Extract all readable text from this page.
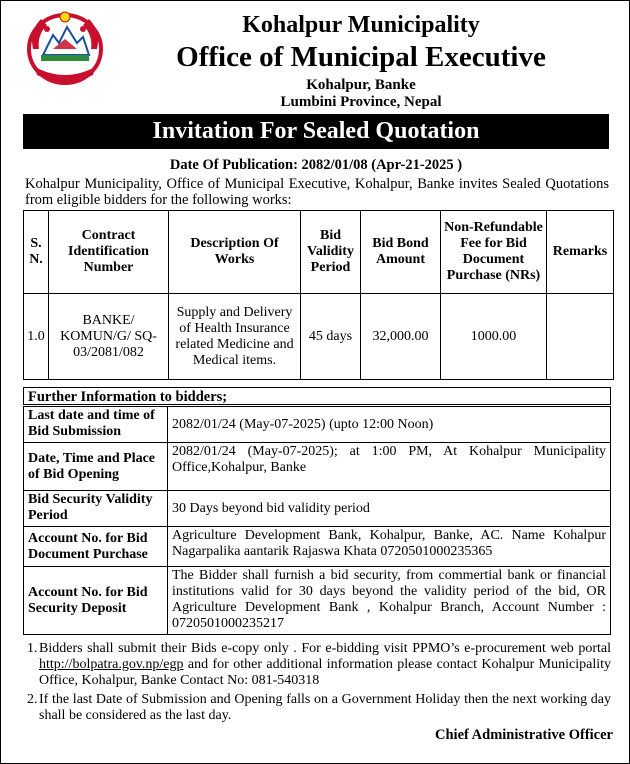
Kohalpur Municipality
Office of Municipal Executive
Kohalpur, Banke
Lumbini Province, Nepal
Invitation For Sealed Quotation
Date Of Publication: 2082/01/08 (Apr-21-2025 )
Kohalpur Municipality, Office of Municipal Executive, Kohalpur, Banke invites Sealed Quotations from eligible bidders for the following works:
S. N.	Contract Identification Number	Description Of Works	Bid Validity Period	Bid Bond Amount	Non-Refundable Fee for Bid Document Purchase (NRs)	Remarks
1.0	BANKE/ KOMUN/G/ SQ- 03/2081/082	Supply and Delivery of Health Insurance related Medicine and Medical items.	45 days	32,000.00	1000.00	
Further Information to bidders;
Last date and time of Bid Submission	2082/01/24 (May-07-2025) (upto 12:00 Noon)
Date, Time and Place of Bid Opening	2082/01/24 (May-07-2025); at 1:00 PM, At Kohalpur Municipality Office,Kohalpur, Banke
Bid Security Validity Period	30 Days beyond bid validity period
Account No. for Bid Document Purchase	Agriculture Development Bank, Kohalpur, Banke, AC. Name Kohalpur Nagarpalika aantarik Rajaswa Khata 0720501000235365
Account No. for Bid Security Deposit	The Bidder shall furnish a bid security, from commertial bank or financial institutions valid for 30 days beyond the validity period of the bid, OR Agriculture Development Bank , Kohalpur Branch, Account Number : 0720501000235217
1. Bidders shall submit their Bids e-copy only . For e-bidding visit PPMO’s e-procurement web portal http://bolpatra.gov.np/egp and for other additional information please contact Kohalpur Municipality Office, Kohalpur, Banke Contact No: 081-540318
2. If the last Date of Submission and Opening falls on a Government Holiday then the next working day shall be considered as the last day.
Chief Administrative Officer
